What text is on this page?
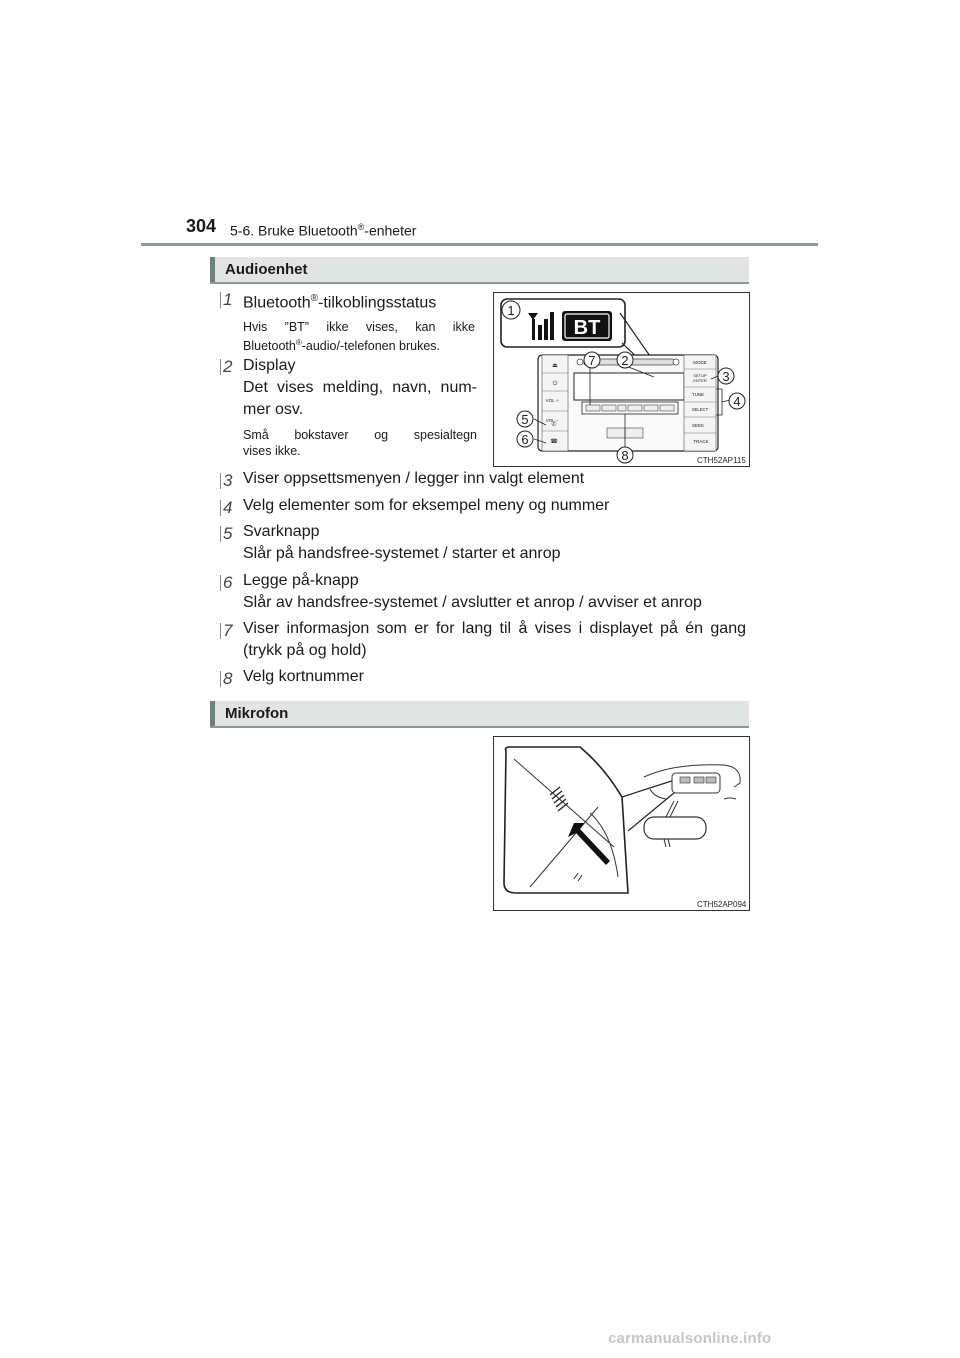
304 5-6. Bruke Bluetooth®-enheter
Audioenhet
1 Bluetooth®-tilkoblingsstatus
Hvis ”BT” ikke vises, kan ikke
Bluetooth®-audio/-telefonen brukes.
2 Display
Det vises melding, navn, num-
mer osv.
Små bokstaver og spesialtegn
vises ikke.
BT
⏏
⏻
VOL +
VOL –
✆
☎
MODE
SETUP
ENTER
TUNE
SELECT
SEEK
TRACK
1
7 2
3
4
5
6
8	CTH52AP115
3 Viser oppsettsmenyen / legger inn valgt element
4 Velg elementer som for eksempel meny og nummer
5 Svarknapp
Slår på handsfree-systemet / starter et anrop
6 Legge på-knapp
Slår av handsfree-systemet / avslutter et anrop / avviser et anrop
7 Viser informasjon som er for lang til å vises i displayet på én gang
(trykk på og hold)
8 Velg kortnummer
Mikrofon
CTH52AP094
carmanualsonline.info
